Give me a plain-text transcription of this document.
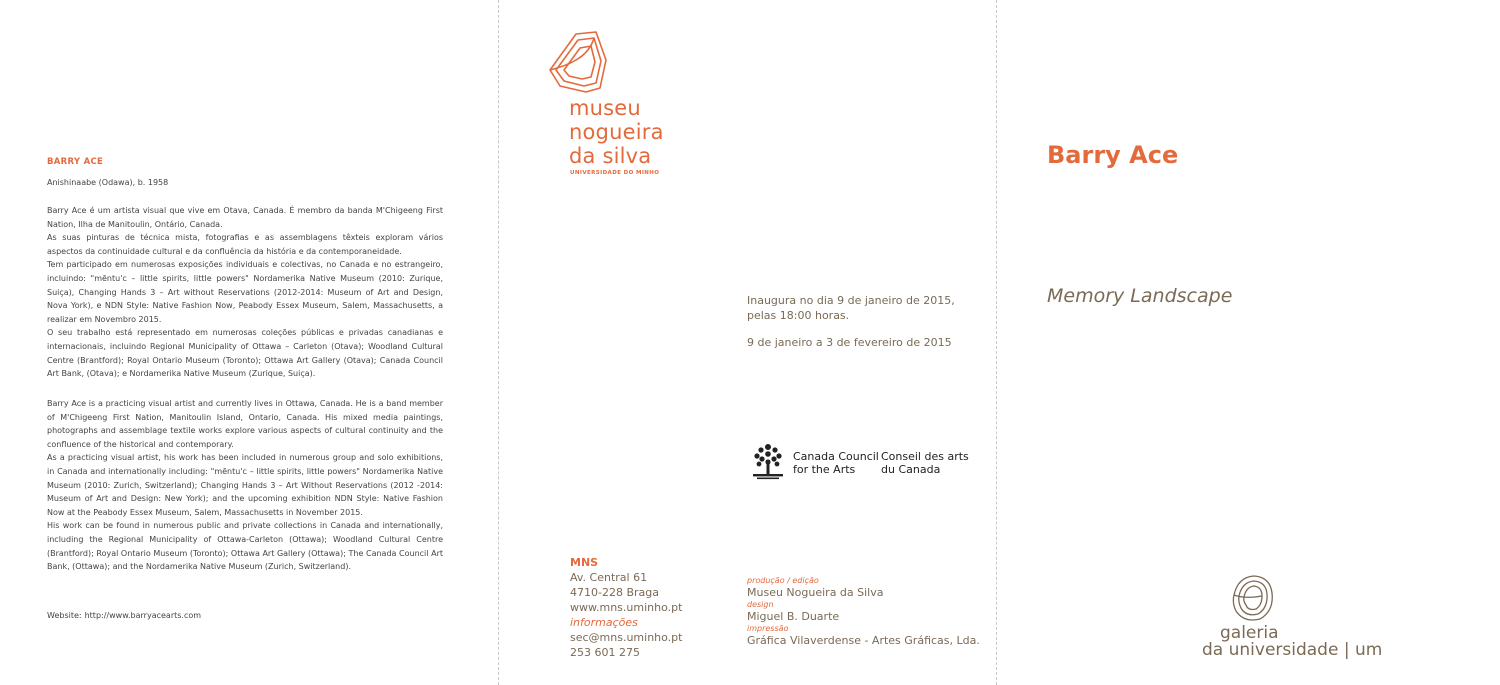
BARRY ACE
Anishinaabe (Odawa), b. 1958

Barry Ace é um artista visual que vive em Otava, Canada. É membro da banda M'Chigeeng First Nation, Ilha de Manitoulin, Ontário, Canada.

As suas pinturas de técnica mista, fotografias e as assemblagens têxteis exploram vários aspectos da continuidade cultural e da confluência da história e da contemporaneidade.

Tem participado em numerosas exposições individuais e colectivas, no Canada e no estrangeiro, incluindo: "mēntu'c – little spirits, little powers" Nordamerika Native Museum (2010: Zurique, Suiça), Changing Hands 3 – Art without Reservations (2012-2014: Museum of Art and Design, Nova York), e NDN Style: Native Fashion Now, Peabody Essex Museum, Salem, Massachusetts, a realizar em Novembro 2015.

O seu trabalho está representado em numerosas coleções públicas e privadas canadianas e internacionais, incluindo Regional Municipality of Ottawa – Carleton (Otava); Woodland Cultural Centre (Brantford); Royal Ontario Museum (Toronto); Ottawa Art Gallery (Otava); Canada Council Art Bank, (Otava); e Nordamerika Native Museum (Zurique, Suiça).

Barry Ace is a practicing visual artist and currently lives in Ottawa, Canada. He is a band member of M'Chigeeng First Nation, Manitoulin Island, Ontario, Canada. His mixed media paintings, photographs and assemblage textile works explore various aspects of cultural continuity and the confluence of the historical and contemporary.

As a practicing visual artist, his work has been included in numerous group and solo exhibitions, in Canada and internationally including: "mēntu'c – little spirits, little powers" Nordamerika Native Museum (2010: Zurich, Switzerland); Changing Hands 3 – Art Without Reservations (2012 -2014: Museum of Art and Design: New York); and the upcoming exhibition NDN Style: Native Fashion Now at the Peabody Essex Museum, Salem, Massachusetts in November 2015.

His work can be found in numerous public and private collections in Canada and internationally, including the Regional Municipality of Ottawa-Carleton (Ottawa); Woodland Cultural Centre (Brantford); Royal Ontario Museum (Toronto); Ottawa Art Gallery (Ottawa); The Canada Council Art Bank, (Ottawa); and the Nordamerika Native Museum (Zurich, Switzerland).

Website: http://www.barryacearts.com
museu
nogueira
da silva
UNIVERSIDADE DO MINHO
Inaugura no dia 9 de janeiro de 2015,
pelas 18:00 horas.
9 de janeiro a 3 de fevereiro de 2015
Canada Council
for the Arts
Conseil des arts
du Canada
MNS
Av. Central 61
4710-228 Braga
www.mns.uminho.pt
informações
sec@mns.uminho.pt
253 601 275
produção / edição
Museu Nogueira da Silva
design
Miguel B. Duarte
impressão
Gráfica Vilaverdense - Artes Gráficas, Lda.
Barry Ace
Memory Landscape
galeria
da universidade | um
